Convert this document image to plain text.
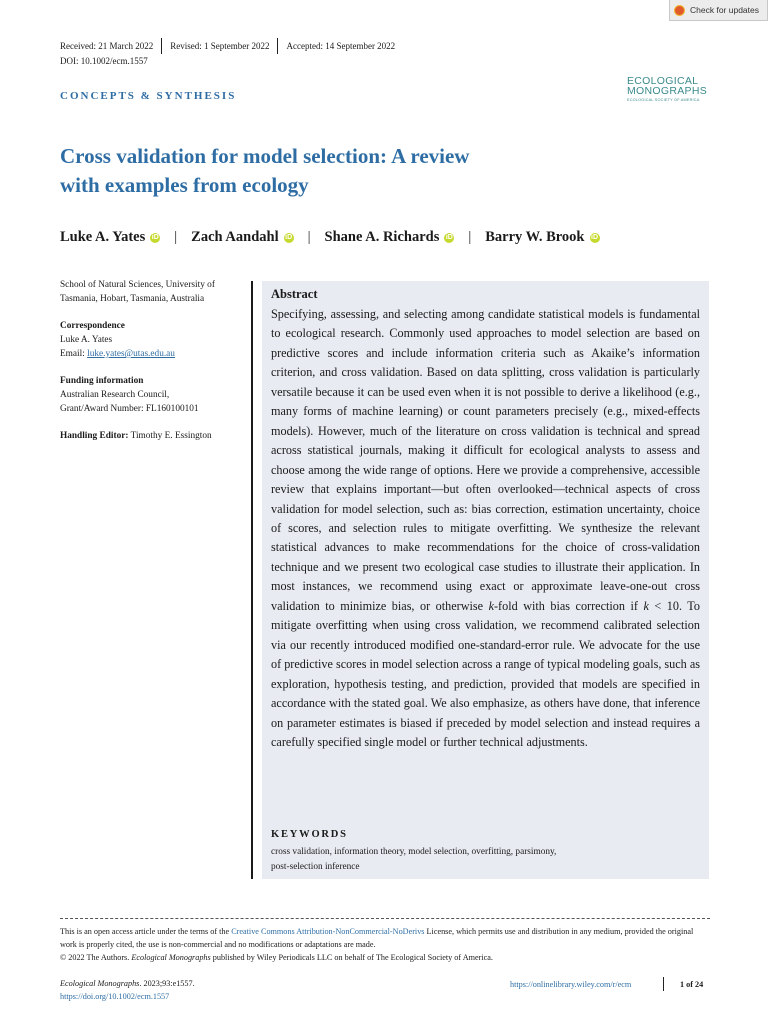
Check for updates
Received: 21 March 2022 Revised: 1 September 2022 Accepted: 14 September 2022
DOI: 10.1002/ecm.1557
CONCEPTS & SYNTHESIS
ECOLOGICAL
MONOGRAPHS
ECOLOGICAL SOCIETY OF AMERICA
Cross validation for model selection: A review
with examples from ecology
Luke A. Yates iD | Zach Aandahl iD | Shane A. Richards iD | Barry W. Brook iD
School of Natural Sciences, University of Tasmania, Hobart, Tasmania, Australia
Correspondence
Luke A. Yates
Email: luke.yates@utas.edu.au
Funding information
Australian Research Council,
Grant/Award Number: FL160100101
Handling Editor: Timothy E. Essington
Abstract
Specifying, assessing, and selecting among candidate statistical models is fundamental to ecological research. Commonly used approaches to model selection are based on predictive scores and include information criteria such as Akaike’s information criterion, and cross validation. Based on data splitting, cross validation is particularly versatile because it can be used even when it is not possible to derive a likelihood (e.g., many forms of machine learning) or count parameters precisely (e.g., mixed-effects models). However, much of the literature on cross validation is technical and spread across statistical journals, making it difficult for ecological analysts to assess and choose among the wide range of options. Here we provide a comprehensive, accessible review that explains important—but often overlooked—technical aspects of cross validation for model selection, such as: bias correction, estimation uncertainty, choice of scores, and selection rules to mitigate overfitting. We synthesize the relevant statistical advances to make recommendations for the choice of cross-validation technique and we present two ecological case studies to illustrate their application. In most instances, we recommend using exact or approximate leave-one-out cross validation to minimize bias, or otherwise k-fold with bias correction if k < 10. To mitigate overfitting when using cross validation, we recommend calibrated selection via our recently introduced modified one-standard-error rule. We advocate for the use of predictive scores in model selection across a range of typical modeling goals, such as exploration, hypothesis testing, and prediction, provided that models are specified in accordance with the stated goal. We also emphasize, as others have done, that inference on parameter estimates is biased if preceded by model selection and instead requires a carefully specified single model or further technical adjustments.
KEYWORDS
cross validation, information theory, model selection, overfitting, parsimony,
post-selection inference
This is an open access article under the terms of the Creative Commons Attribution-NonCommercial-NoDerivs License, which permits use and distribution in any medium, provided the original work is properly cited, the use is non-commercial and no modifications or adaptations are made.
© 2022 The Authors. Ecological Monographs published by Wiley Periodicals LLC on behalf of The Ecological Society of America.
Ecological Monographs. 2023;93:e1557.
https://doi.org/10.1002/ecm.1557
https://onlinelibrary.wiley.com/r/ecm	1 of 24
